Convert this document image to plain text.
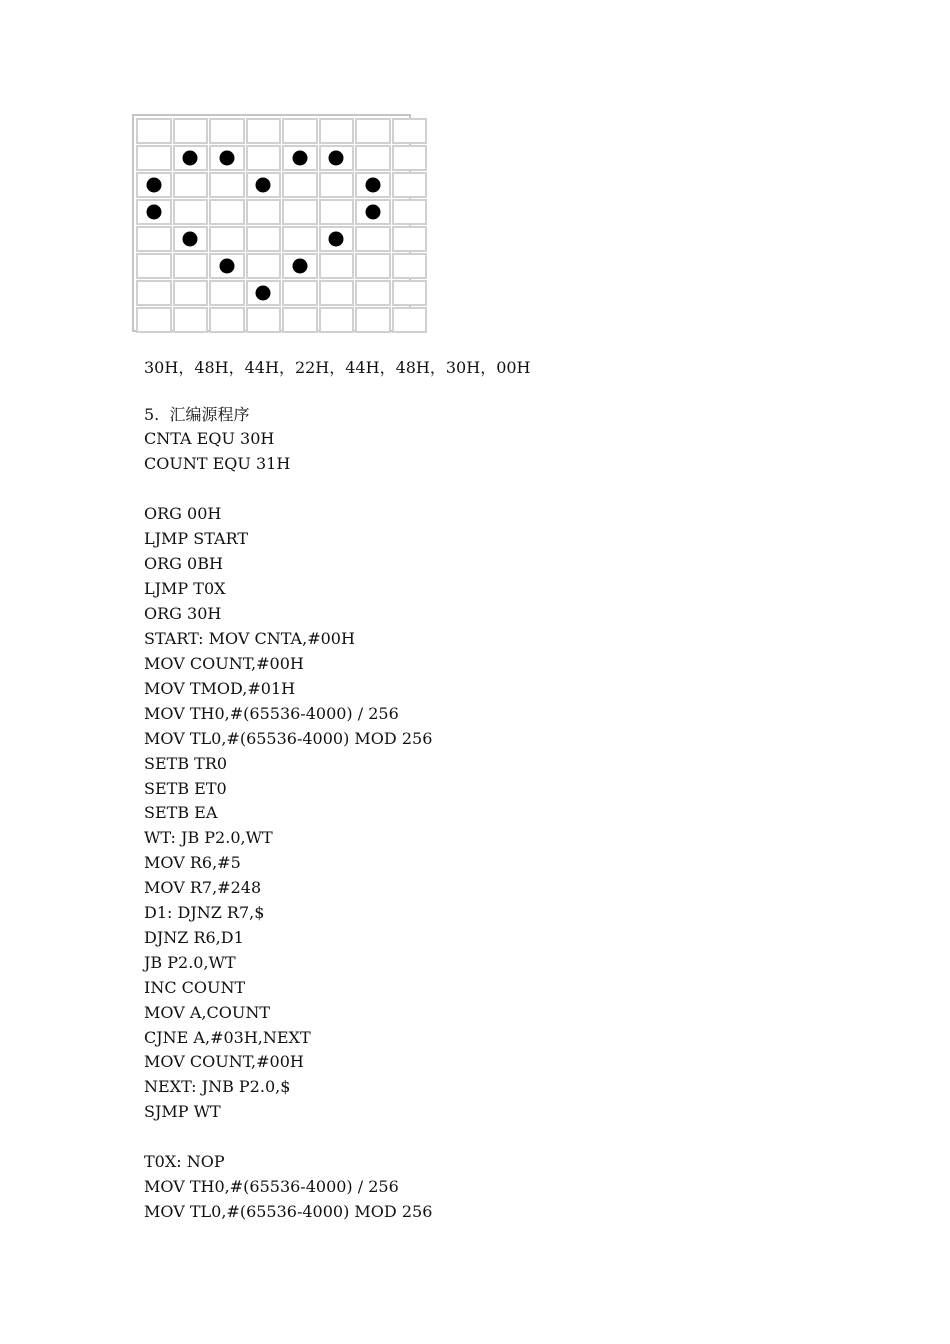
30H，48H，44H，22H，44H，48H，30H，00H
5.  汇编源程序
CNTA EQU 30H
COUNT EQU 31H
ORG 00H
LJMP START
ORG 0BH
LJMP T0X
ORG 30H
START: MOV CNTA,#00H
MOV COUNT,#00H
MOV TMOD,#01H
MOV TH0,#(65536-4000) / 256
MOV TL0,#(65536-4000) MOD 256
SETB TR0
SETB ET0
SETB EA
WT: JB P2.0,WT
MOV R6,#5
MOV R7,#248
D1: DJNZ R7,$
DJNZ R6,D1
JB P2.0,WT
INC COUNT
MOV A,COUNT
CJNE A,#03H,NEXT
MOV COUNT,#00H
NEXT: JNB P2.0,$
SJMP WT
T0X: NOP
MOV TH0,#(65536-4000) / 256
MOV TL0,#(65536-4000) MOD 256
